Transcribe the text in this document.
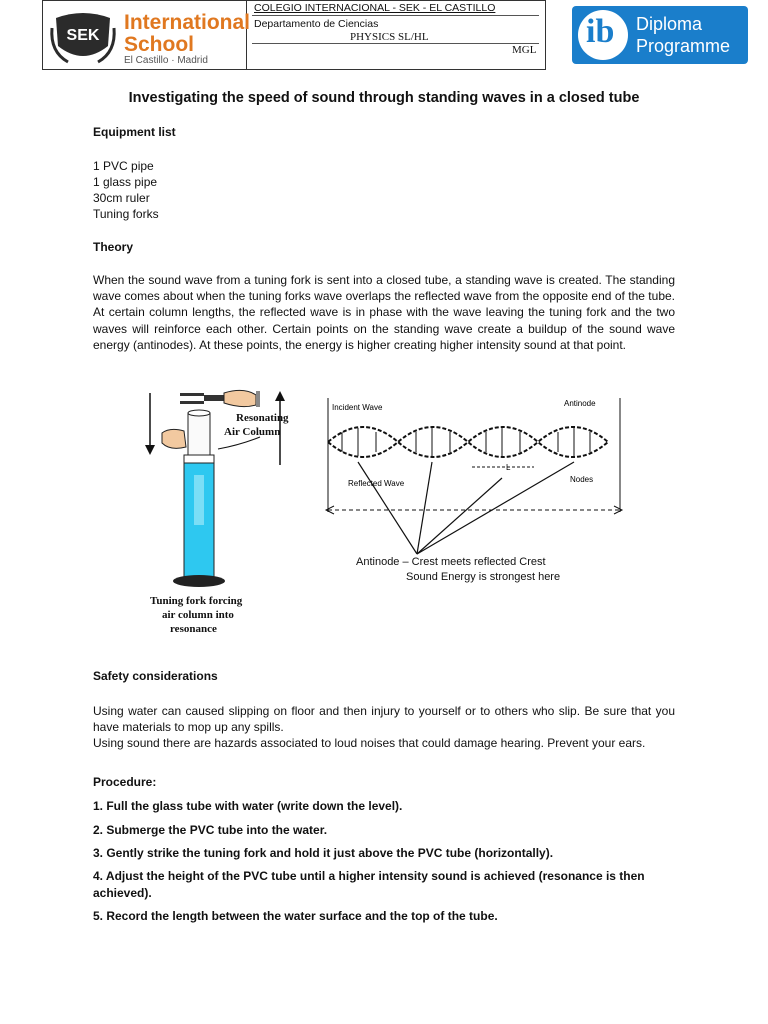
SEK
International
School
El Castillo · Madrid
COLEGIO INTERNACIONAL - SEK - EL CASTILLO
Departamento de Ciencias
PHYSICS SL/HL
MGL ib Diploma
Programme
Investigating the speed of sound through standing waves in a closed tube
Equipment list
1 PVC pipe
1 glass pipe
30cm ruler
Tuning forks
Theory
When the sound wave from a tuning fork is sent into a closed tube, a standing wave is created. The standing wave comes about when the tuning forks wave overlaps the reflected wave from the opposite end of the tube. At certain column lengths, the reflected wave is in phase with the wave leaving the tuning fork and the two waves will reinforce each other. Certain points on the standing wave create a buildup of the sound wave energy (antinodes). At these points, the energy is higher creating higher intensity sound at that point.
Resonating
Air Column
Tuning fork forcing
air column into
resonance
Incident Wave	Antinode
Reflected Wave	Nodes
L
Antinode – Crest meets reflected Crest
Sound Energy is strongest here
Safety considerations
Using water can caused slipping on floor and then injury to yourself or to others who slip. Be sure that you have materials to mop up any spills.
Using sound there are hazards associated to loud noises that could damage hearing. Prevent your ears.
Procedure:
1. Full the glass tube with water (write down the level).
2. Submerge the PVC tube into the water.
3. Gently strike the tuning fork and hold it just above the PVC tube (horizontally).
4. Adjust the height of the PVC tube until a higher intensity sound is achieved (resonance is then achieved).
5. Record the length between the water surface and the top of the tube.
